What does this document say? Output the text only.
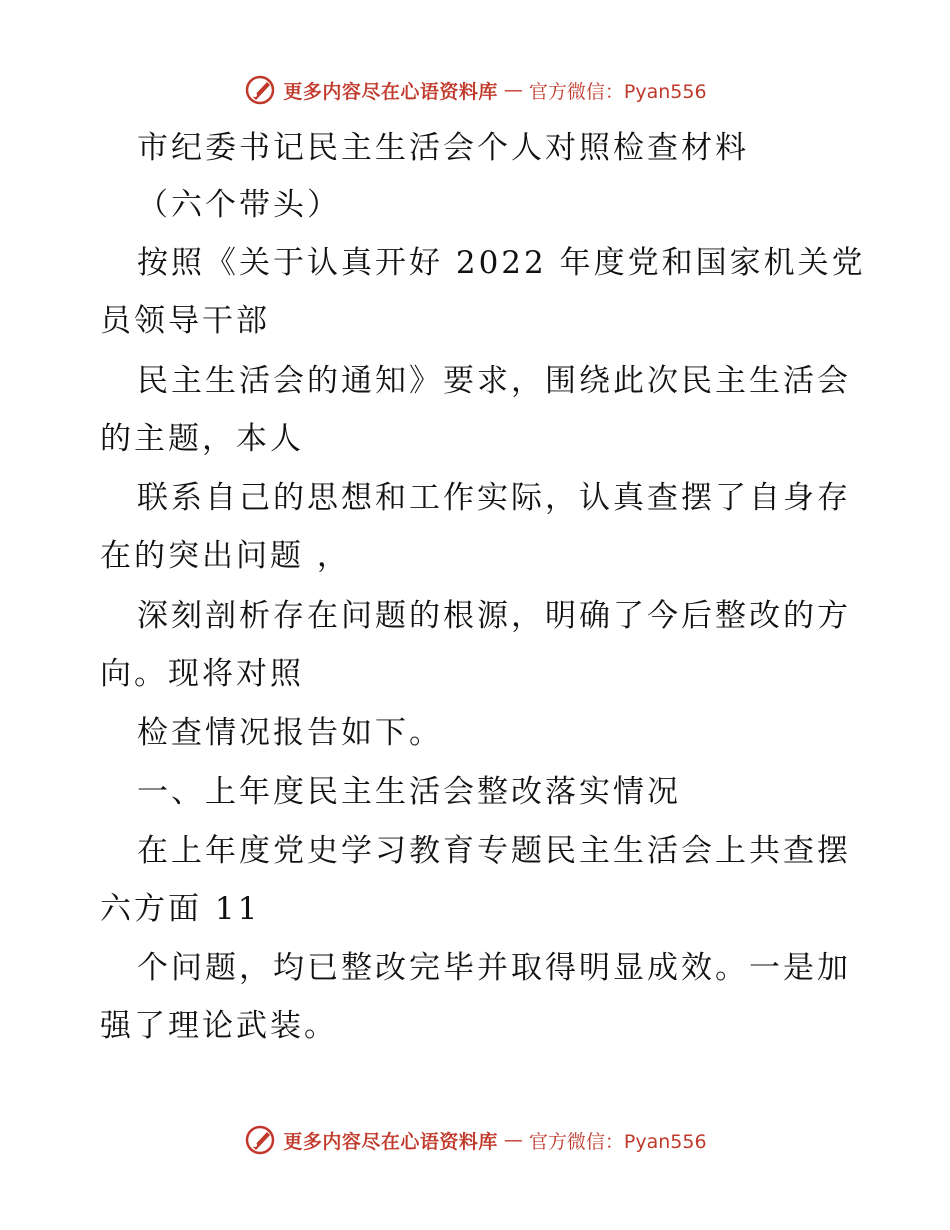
更多内容尽在心语资料库 — 官方微信：Pyan556
市纪委书记民主生活会个人对照检查材料
（六个带头）
按照《关于认真开好 2022 年度党和国家机关党
员领导干部
民主生活会的通知》要求，围绕此次民主生活会
的主题，本人
联系自己的思想和工作实际，认真查摆了自身存
在的突出问题 ，
深刻剖析存在问题的根源，明确了今后整改的方
向。现将对照
检查情况报告如下。
一、上年度民主生活会整改落实情况
在上年度党史学习教育专题民主生活会上共查摆
六方面 11
个问题，均已整改完毕并取得明显成效。一是加
强了理论武装。
更多内容尽在心语资料库 — 官方微信：Pyan556
